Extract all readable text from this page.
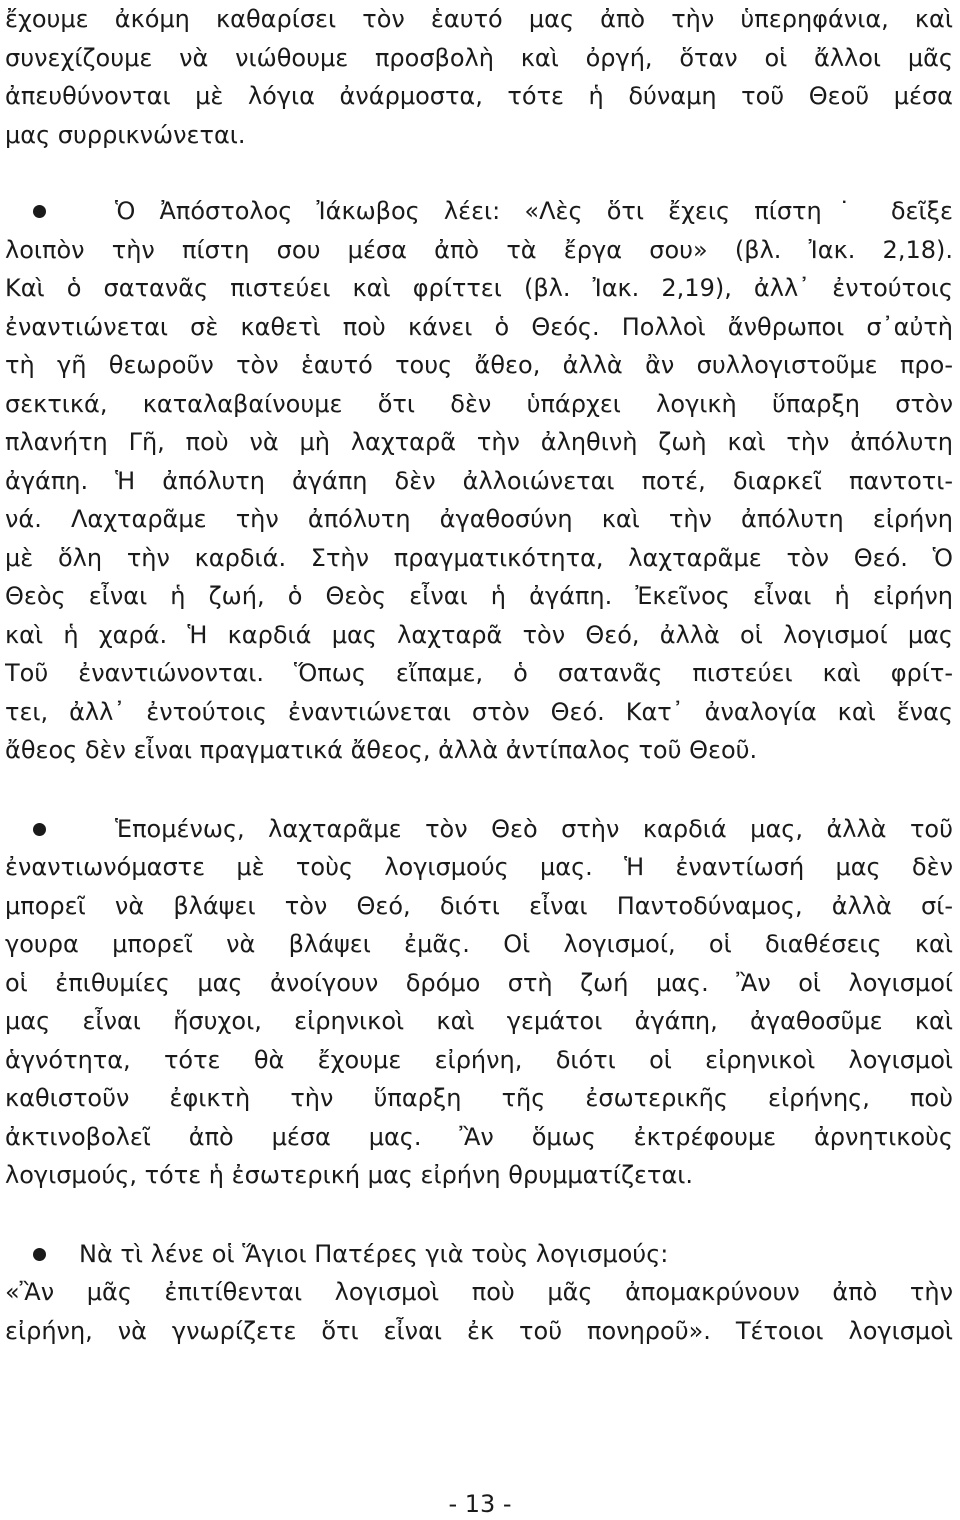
ἔχουμε ἀκόμη καθαρίσει τὸν ἑαυτό μας ἀπὸ τὴν ὑπερηφάνια, καὶ
συνεχίζουμε νὰ νιώθουμε προσβολὴ καὶ ὀργή, ὅταν οἱ ἄλλοι μᾶς
ἀπευθύνονται μὲ λόγια ἀνάρμοστα, τότε ἡ δύναμη τοῦ Θεοῦ μέσα
μας συρρικνώνεται.
Ὁ Ἀπόστολος Ἰάκωβος λέει: «Λὲς ὅτι ἔχεις πίστη˙ δεῖξε
λοιπὸν τὴν πίστη σου μέσα ἀπὸ τὰ ἔργα σου» (βλ. Ἰακ. 2,18).
Καὶ ὁ σατανᾶς πιστεύει καὶ φρίττει (βλ. Ἰακ. 2,19), ἀλλ᾽ ἐντούτοις
ἐναντιώνεται σὲ καθετὶ ποὺ κάνει ὁ Θεός. Πολλοὶ ἄνθρωποι σ᾽αὐτὴ
τὴ γῆ θεωροῦν τὸν ἑαυτό τους ἄθεο, ἀλλὰ ἂν συλλογιστοῦμε προ-
σεκτικά, καταλαβαίνουμε ὅτι δὲν ὑπάρχει λογικὴ ὕπαρξη στὸν
πλανήτη Γῆ, ποὺ νὰ μὴ λαχταρᾶ τὴν ἀληθινὴ ζωὴ καὶ τὴν ἀπόλυτη
ἀγάπη. Ἡ ἀπόλυτη ἀγάπη δὲν ἀλλοιώνεται ποτέ, διαρκεῖ παντοτι-
νά. Λαχταρᾶμε τὴν ἀπόλυτη ἀγαθοσύνη καὶ τὴν ἀπόλυτη εἰρήνη
μὲ ὅλη τὴν καρδιά. Στὴν πραγματικότητα, λαχταρᾶμε τὸν Θεό. Ὁ
Θεὸς εἶναι ἡ ζωή, ὁ Θεὸς εἶναι ἡ ἀγάπη. Ἐκεῖνος εἶναι ἡ εἰρήνη
καὶ ἡ χαρά. Ἡ καρδιά μας λαχταρᾶ τὸν Θεό, ἀλλὰ οἱ λογισμοί μας
Τοῦ ἐναντιώνονται. Ὅπως εἴπαμε, ὁ σατανᾶς πιστεύει καὶ φρίτ-
τει, ἀλλ᾽ ἐντούτοις ἐναντιώνεται στὸν Θεό. Κατ᾽ ἀναλογία καὶ ἕνας
ἄθεος δὲν εἶναι πραγματικά ἄθεος, ἀλλὰ ἀντίπαλος τοῦ Θεοῦ.
Ἑπομένως, λαχταρᾶμε τὸν Θεὸ στὴν καρδιά μας, ἀλλὰ τοῦ
ἐναντιωνόμαστε μὲ τοὺς λογισμούς μας. Ἡ ἐναντίωσή μας δὲν
μπορεῖ νὰ βλάψει τὸν Θεό, διότι εἶναι Παντοδύναμος, ἀλλὰ σί-
γουρα μπορεῖ νὰ βλάψει ἐμᾶς. Οἱ λογισμοί, οἱ διαθέσεις καὶ
οἱ ἐπιθυμίες μας ἀνοίγουν δρόμο στὴ ζωή μας. Ἂν οἱ λογισμοί
μας εἶναι ἥσυχοι, εἰρηνικοὶ καὶ γεμάτοι ἀγάπη, ἀγαθοσῦμε καὶ
ἁγνότητα, τότε θὰ ἔχουμε εἰρήνη, διότι οἱ εἰρηνικοὶ λογισμοὶ
καθιστοῦν ἐφικτὴ τὴν ὕπαρξη τῆς ἐσωτερικῆς εἰρήνης, ποὺ
ἀκτινοβολεῖ ἀπὸ μέσα μας. Ἂν ὅμως ἐκτρέφουμε ἀρνητικοὺς
λογισμούς, τότε ἡ ἐσωτερική μας εἰρήνη θρυμματίζεται.
Νὰ τὶ λένε οἱ Ἅγιοι Πατέρες γιὰ τοὺς λογισμούς:
«Ἂν μᾶς ἐπιτίθενται λογισμοὶ ποὺ μᾶς ἀπομακρύνουν ἀπὸ τὴν
εἰρήνη, νὰ γνωρίζετε ὅτι εἶναι ἐκ τοῦ πονηροῦ». Τέτοιοι λογισμοὶ
- 13 -
